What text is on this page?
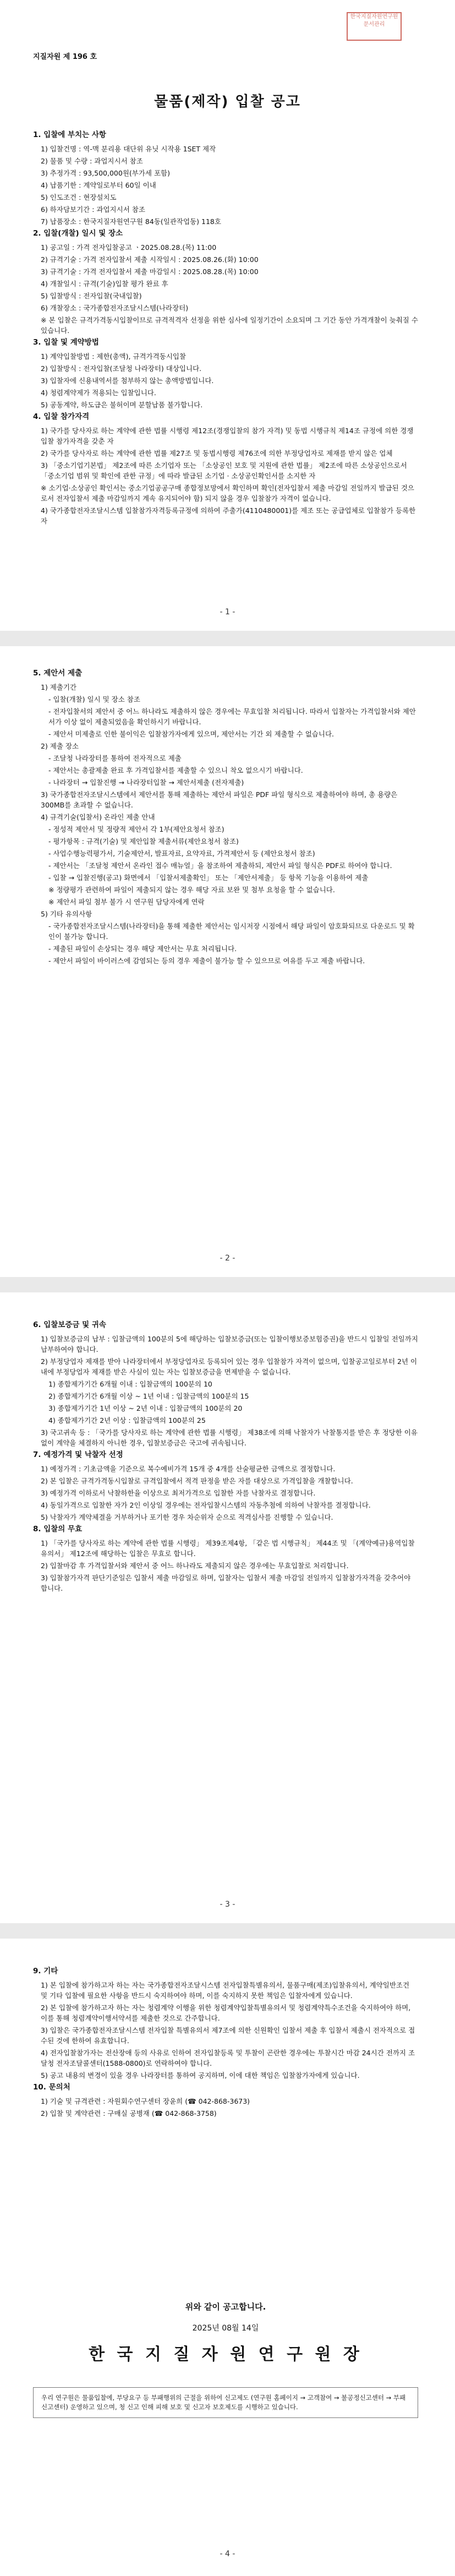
한국지질자원연구원 문서관리
지질자원 제 196 호
물품(제작) 입찰 공고
1. 입찰에 부치는 사항

1) 입찰건명 : 역-맥 분리용 대단위 유닛 시작용 1SET 제작

2) 물품 및 수량 : 과업지시서 참조

3) 추정가격 : 93,500,000원(부가세 포함)

4) 납품기한 : 계약일로부터 60일 이내

5) 인도조건 : 현장설치도

6) 하자담보기간 : 과업지시서 참조

7) 납품장소 : 한국지질자원연구원 84동(일관작업동) 118호

2. 입찰(개찰) 일시 및 장소

1) 공고일 : 가격 전자입찰공고 ㆍ2025.08.28.(목) 11:00

2) 규격기술 : 가격 전자입찰서 제출 시작일시 : 2025.08.26.(화) 10:00

3) 규격기술 : 가격 전자입찰서 제출 마감일시 : 2025.08.28.(목) 10:00

4) 개찰일시 : 규격(기술)입찰 평가 완료 후

5) 입찰방식 : 전자입찰(국내입찰)

6) 개찰장소 : 국가종합전자조달시스템(나라장터)

※ 본 입찰은 규격가격동시입찰이므로 규격적격자 선정을 위한 심사에 일정기간이 소요되며 그 기간 동안 가격개찰이 늦춰질 수 있습니다.

3. 입찰 및 계약방법

1) 계약입찰방법 : 제한(총액), 규격가격동시입찰

2) 입찰방식 : 전자입찰(조달청 나라장터) 대상입니다.

3) 입찰자에 신용내역서를 첨부하지 않는 총액방법입니다.

4) 청렴계약제가 적용되는 입찰입니다.

5) 공동계약, 하도급은 불허이며 분할납품 불가합니다.

4. 입찰 참가자격

1) 국가를 당사자로 하는 계약에 관한 법률 시행령 제12조(경쟁입찰의 참가 자격) 및 동법 시행규칙 제14조 규정에 의한 경쟁입찰 참가자격을 갖춘 자

2) 국가를 당사자로 하는 계약에 관한 법률 제27조 및 동법시행령 제76조에 의한 부정당업자로 제재를 받지 않은 업체

3) 「중소기업기본법」 제2조에 따른 소기업자 또는 「소상공인 보호 및 지원에 관한 법률」 제2조에 따른 소상공인으로서 「중소기업 범위 및 확인에 관한 규정」에 따라 발급된 소기업 · 소상공인확인서를 소지한 자

※ 소기업·소상공인 확인서는 중소기업공공구매 종합정보망에서 확인하며 확인(전자입찰서 제출 마감일 전일까지 발급된 것으로서 전자입찰서 제출 마감일까지 계속 유지되어야 함) 되지 않을 경우 입찰참가 자격이 없습니다.

4) 국가종합전자조달시스템 입찰참가자격등록규정에 의하여 주출가(4110480001)를 제조 또는 공급업체로 입찰참가 등록한 자

- 1 -
5. 제안서 제출

1) 제출기간

- 입찰(개찰) 일시 및 장소 참조

- 전자입찰서의 제안서 중 어느 하나라도 제출하지 않은 경우에는 무효입찰 처리됩니다. 따라서 입찰자는 가격입찰서와 제안서가 이상 없이 제출되었음을 확인하시기 바랍니다.

- 제안서 미제출로 인한 불이익은 입찰참가자에게 있으며, 제안서는 기간 외 제출할 수 없습니다.

2) 제출 장소

- 조달청 나라장터를 통하여 전자적으로 제출

- 제안서는 총괄제출 완료 후 가격입찰서를 제출할 수 있으니 착오 없으시기 바랍니다.

- 나라장터 → 입찰진행 → 나라장터입찰 → 제안서제출 (전자제출)

3) 국가종합전자조달시스템에서 제안서를 통해 제출하는 제안서 파일은 PDF 파일 형식으로 제출하여야 하며, 총 용량은 300MB를 초과할 수 없습니다.

4) 규격기술(입찰서) 온라인 제출 안내

- 정성적 제안서 및 정량적 제안서 각 1부(제안요청서 참조)

- 평가항목 : 규격(기술) 및 제안입찰 제출서류(제안요청서 참조)

- 사업수행능력평가서, 기술제안서, 발표자료, 요약자료, 가격제안서 등 (제안요청서 참조)

- 제안서는 「조달청 제안서 온라인 접수 매뉴얼」을 참조하여 제출하되, 제안서 파일 형식은 PDF로 하여야 합니다.

- 입찰 → 입찰진행(공고) 화면에서 「입찰서제출확인」 또는 「제안서제출」 등 항목 기능을 이용하여 제출

※ 정량평가 관련하여 파일이 제출되지 않는 경우 해당 자료 보완 및 첨부 요청을 할 수 없습니다.

※ 제안서 파일 첨부 불가 시 연구원 담당자에게 연락

5) 기타 유의사항

- 국가종합전자조달시스템(나라장터)을 통해 제출한 제안서는 임시저장 시점에서 해당 파일이 암호화되므로 다운로드 및 확인이 불가능 합니다.

- 제출된 파일이 손상되는 경우 해당 제안서는 무효 처리됩니다.

- 제안서 파일이 바이러스에 감염되는 등의 경우 제출이 불가능 할 수 있으므로 여유를 두고 제출 바랍니다.

- 2 -
6. 입찰보증금 및 귀속

1) 입찰보증금의 납부 : 입찰금액의 100분의 5에 해당하는 입찰보증금(또는 입찰이행보증보험증권)을 반드시 입찰일 전일까지 납부하여야 합니다.

2) 부정당업자 제재를 받아 나라장터에서 부정당업자로 등록되어 있는 경우 입찰참가 자격이 없으며, 입찰공고일로부터 2년 이내에 부정당업자 제재를 받은 사실이 있는 자는 입찰보증금을 면제받을 수 없습니다.

1) 종합제가기간 6개월 이내 : 입찰금액의 100분의 10

2) 종합제가기간 6개월 이상 ~ 1년 이내 : 입찰금액의 100분의 15

3) 종합제가기간 1년 이상 ~ 2년 이내 : 입찰금액의 100분의 20

4) 종합제가기간 2년 이상 : 입찰금액의 100분의 25

3) 국고귀속 등 : 「국가를 당사자로 하는 계약에 관한 법률 시행령」 제38조에 의해 낙찰자가 낙찰통지를 받은 후 정당한 이유 없이 계약을 체결하지 아니한 경우, 입찰보증금은 국고에 귀속됩니다.

7. 예정가격 및 낙찰자 선정

1) 예정가격 : 기초금액을 기준으로 복수예비가격 15개 중 4개를 산술평균한 금액으로 결정합니다.

2) 본 입찰은 규격가격동시입찰로 규격입찰에서 적격 판정을 받은 자를 대상으로 가격입찰을 개찰합니다.

3) 예정가격 이하로서 낙찰하한율 이상으로 최저가격으로 입찰한 자를 낙찰자로 결정합니다.

4) 동일가격으로 입찰한 자가 2인 이상일 경우에는 전자입찰시스템의 자동추첨에 의하여 낙찰자를 결정합니다.

5) 낙찰자가 계약체결을 거부하거나 포기한 경우 차순위자 순으로 적격심사를 진행할 수 있습니다.

8. 입찰의 무효

1) 「국가를 당사자로 하는 계약에 관한 법률 시행령」 제39조제4항, 「같은 법 시행규칙」 제44조 및 「(계약예규)용역입찰유의서」 제12조에 해당하는 입찰은 무효로 합니다.

2) 입찰마감 후 가격입찰서와 제안서 중 어느 하나라도 제출되지 않은 경우에는 무효입찰로 처리합니다.

3) 입찰참가자격 판단기준일은 입찰서 제출 마감일로 하며, 입찰자는 입찰서 제출 마감일 전일까지 입찰참가자격을 갖추어야 합니다.

- 3 -
9. 기타

1) 본 입찰에 참가하고자 하는 자는 국가종합전자조달시스템 전자입찰특별유의서, 물품구매(제조)입찰유의서, 계약일반조건 및 기타 입찰에 필요한 사항을 반드시 숙지하여야 하며, 이를 숙지하지 못한 책임은 입찰자에게 있습니다.

2) 본 입찰에 참가하고자 하는 자는 청렴계약 이행을 위한 청렴계약입찰특별유의서 및 청렴계약특수조건을 숙지하여야 하며, 이를 통해 청렴계약이행서약서를 제출한 것으로 간주합니다.

3) 입찰은 국가종합전자조달시스템 전자입찰 특별유의서 제7조에 의한 신원확인 입찰서 제출 후 입찰서 제출시 전자적으로 접수된 것에 한하여 유효합니다.

4) 전자입찰참가자는 전산장애 등의 사유로 인하여 전자입찰등록 및 투찰이 곤란한 경우에는 투찰시간 마감 24시간 전까지 조달청 전자조달콜센터(1588-0800)로 연락하여야 합니다.

5) 공고 내용의 변경이 있을 경우 나라장터를 통하여 공지하며, 이에 대한 책임은 입찰참가자에게 있습니다.

10. 문의처

1) 기술 및 규격관련 : 자원회수연구센터 장윤희 (☎ 042-868-3673)

2) 입찰 및 계약관련 : 구매실 공병재 (☎ 042-868-3758)

위와 같이 공고합니다.
2025년 08월 14일
한 국 지 질 자 원 연 구 원 장
우리 연구원은 물품입찰에, 부당요구 등 부패행위의 근절을 위하여 신고제도 (연구원 홈페이지 → 고객참여 → 불공정신고센터 → 부패신고센터) 운영하고 있으며, 청 신고 인해 피해 보호 및 신고자 보호제도를 시행하고 있습니다.
- 4 -
